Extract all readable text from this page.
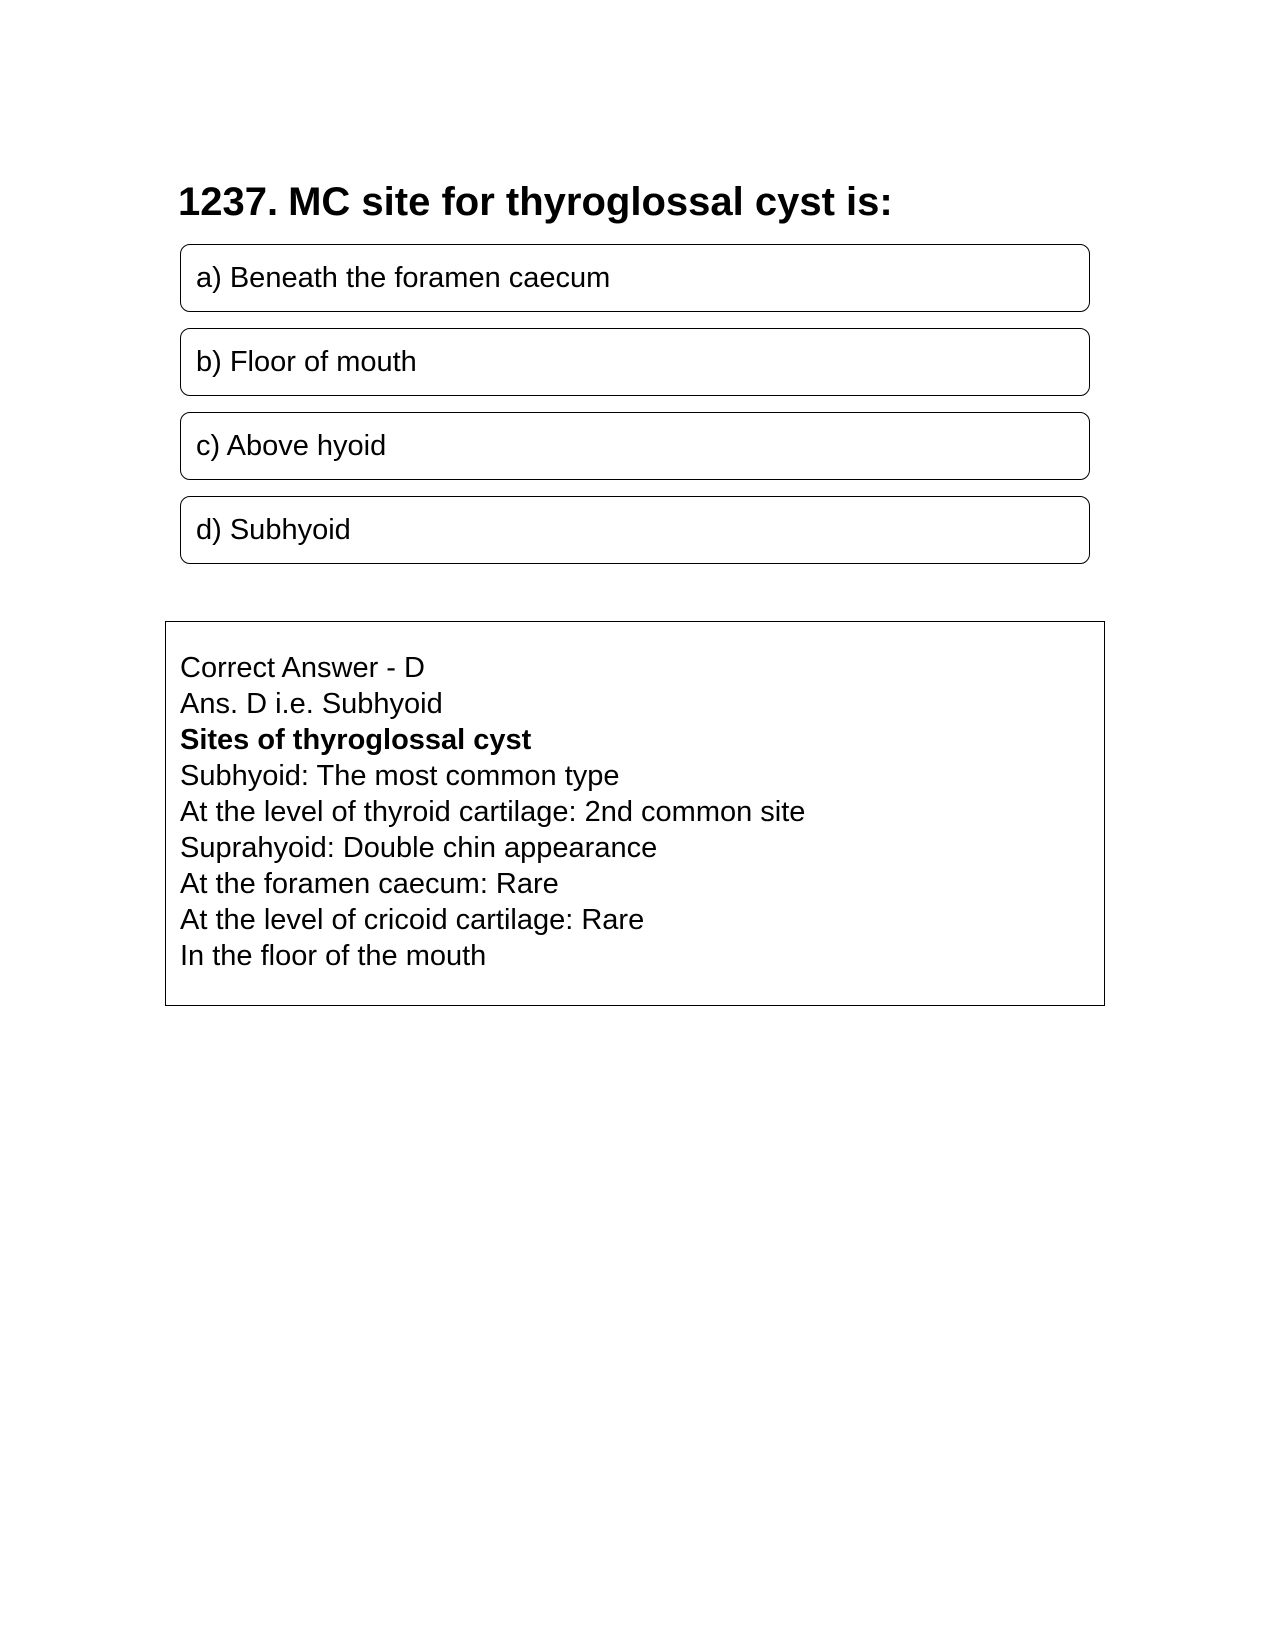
1237. MC site for thyroglossal cyst is:
a) Beneath the foramen caecum
b) Floor of mouth
c) Above hyoid
d) Subhyoid
Correct Answer - D
Ans. D i.e. Subhyoid
Sites of thyroglossal cyst
Subhyoid: The most common type
At the level of thyroid cartilage: 2nd common site
Suprahyoid: Double chin appearance
At the foramen caecum: Rare
At the level of cricoid cartilage: Rare
In the floor of the mouth
